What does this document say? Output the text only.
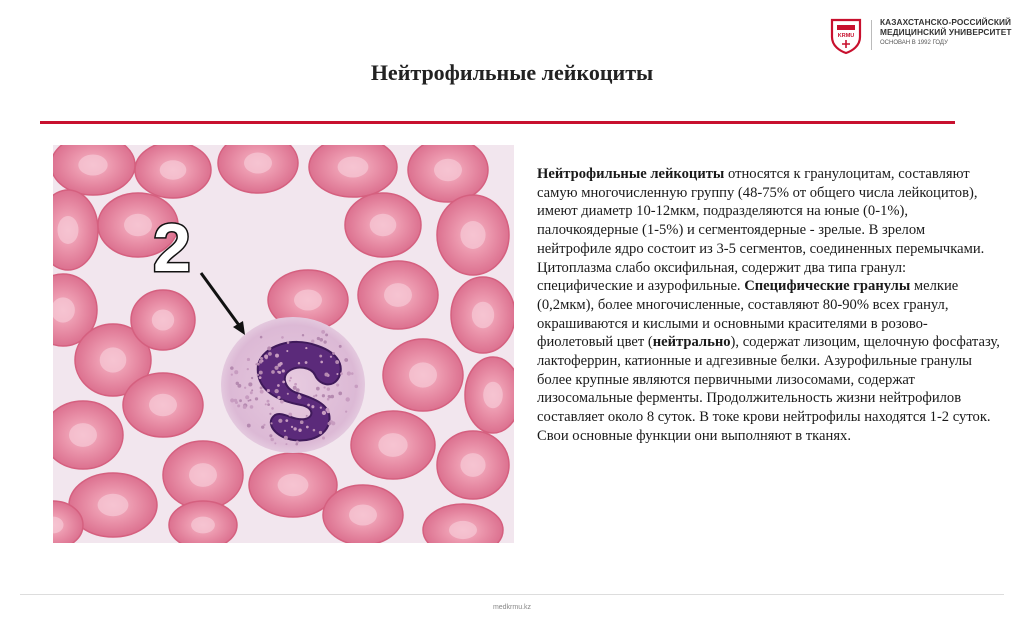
KRMU
КАЗАХСТАНСКО-РОССИЙСКИЙ
МЕДИЦИНСКИЙ УНИВЕРСИТЕТ
ОСНОВАН В 1992 ГОДУ
Нейтрофильные лейкоциты
2
Нейтрофильные лейкоциты относятся к гранулоцитам, составляют самую многочисленную группу (48-75% от общего числа лейкоцитов), имеют диаметр 10-12мкм, подразделяются на юные (0-1%), палочкоядерные (1-5%) и сегментоядерные - зрелые. В зрелом нейтрофиле ядро состоит из 3-5 сегментов, соединенных перемычками. Цитоплазма слабо оксифильная, содержит два типа гранул: специфические и азурофильные. Специфические гранулы мелкие (0,2мкм), более многочисленные, составляют 80-90% всех гранул, окрашиваются и кислыми и основными красителями в розово-фиолетовый цвет (нейтрально), содержат лизоцим, щелочную фосфатазу, лактоферрин, катионные и адгезивные белки. Азурофильные гранулы более крупные являются первичными лизосомами, содержат лизосомальные ферменты. Продолжительность жизни нейтрофилов составляет около 8 суток. В токе крови нейтрофилы находятся 1-2 суток. Свои основные функции они выполняют в тканях.
medkrmu.kz
